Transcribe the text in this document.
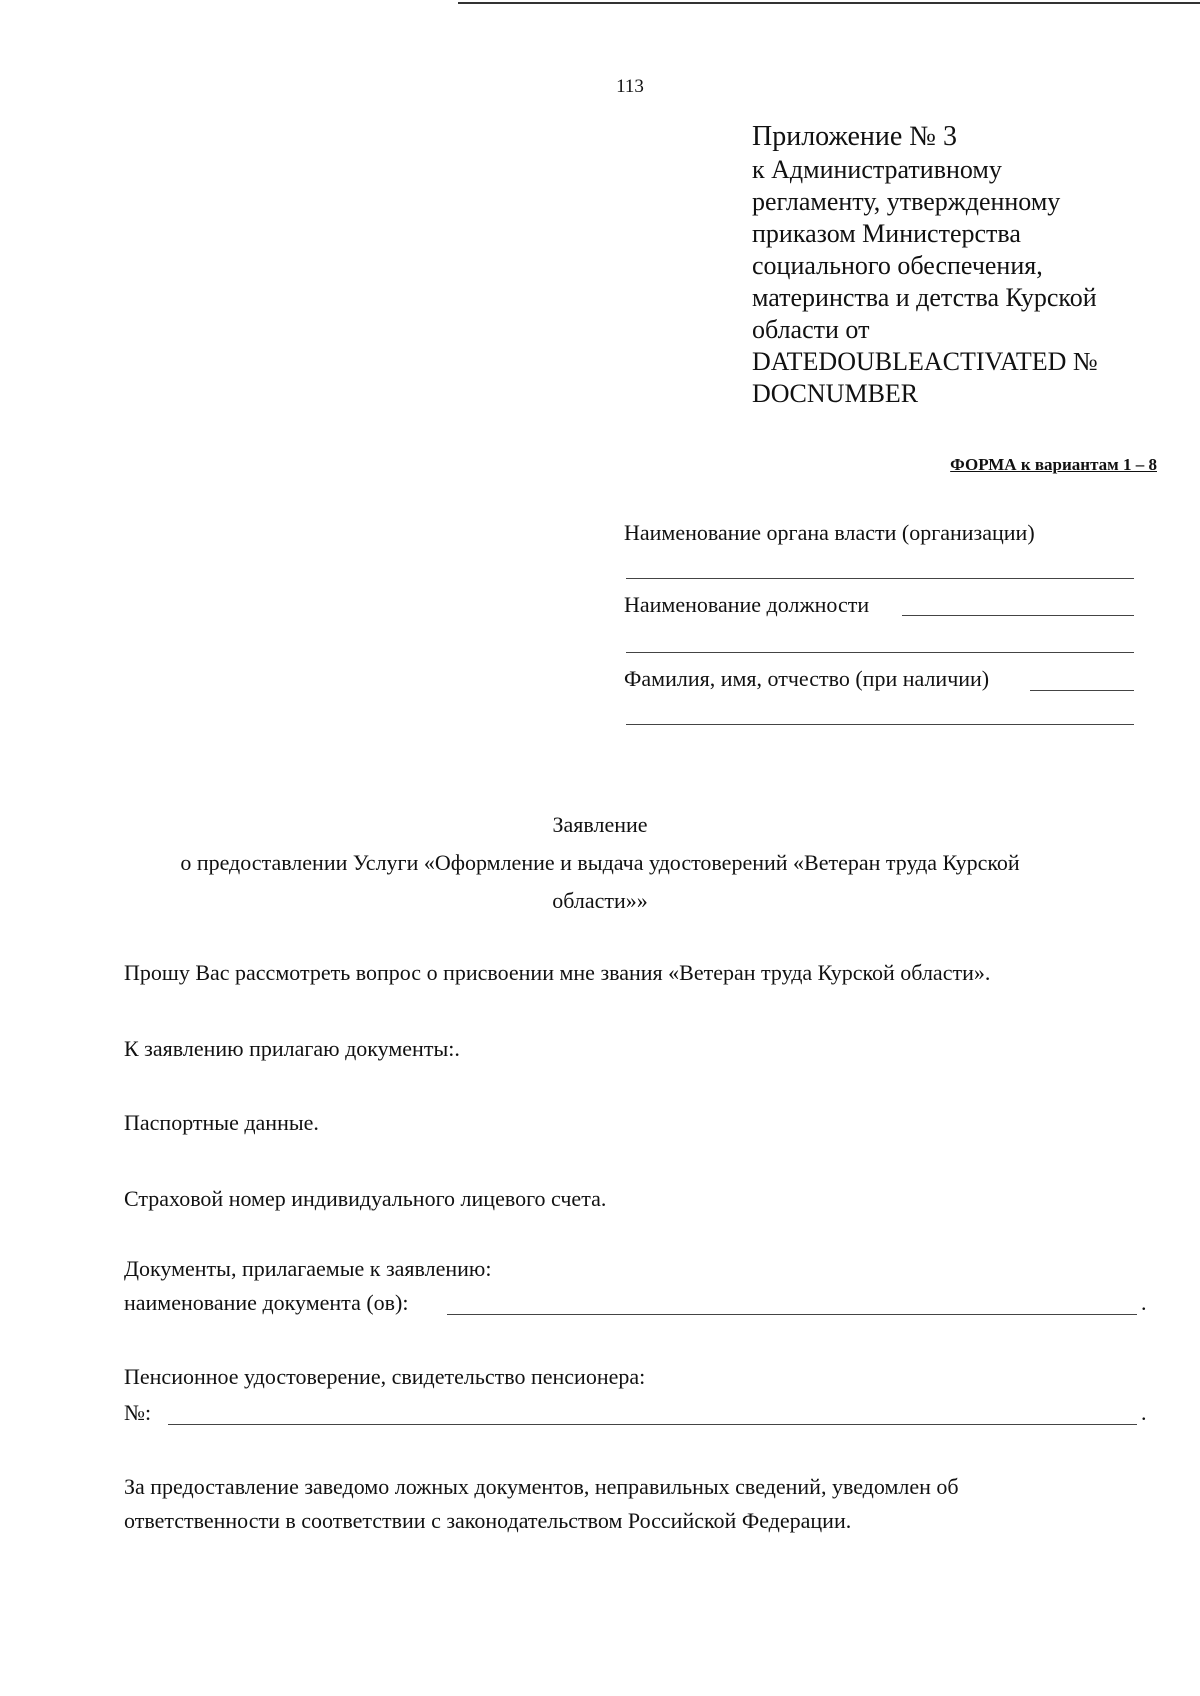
113
Приложение № 3
к Административному
регламенту, утвержденному
приказом Министерства
социального обеспечения,
материнства и детства Курской
области от
DATEDOUBLEACTIVATED №
DOCNUMBER
ФОРМА к вариантам 1 – 8
Наименование органа власти (организации)
Наименование должности
Фамилия, имя, отчество (при наличии)
Заявление
о предоставлении Услуги «Оформление и выдача удостоверений «Ветеран труда Курской
области»»
Прошу Вас рассмотреть вопрос о присвоении мне звания «Ветеран труда Курской области».
К заявлению прилагаю документы:.
Паспортные данные.
Страховой номер индивидуального лицевого счета.
Документы, прилагаемые к заявлению:
наименование документа (ов):	.
Пенсионное удостоверение, свидетельство пенсионера:
№:	.
За предоставление заведомо ложных документов, неправильных сведений, уведомлен об
ответственности в соответствии с законодательством Российской Федерации.
